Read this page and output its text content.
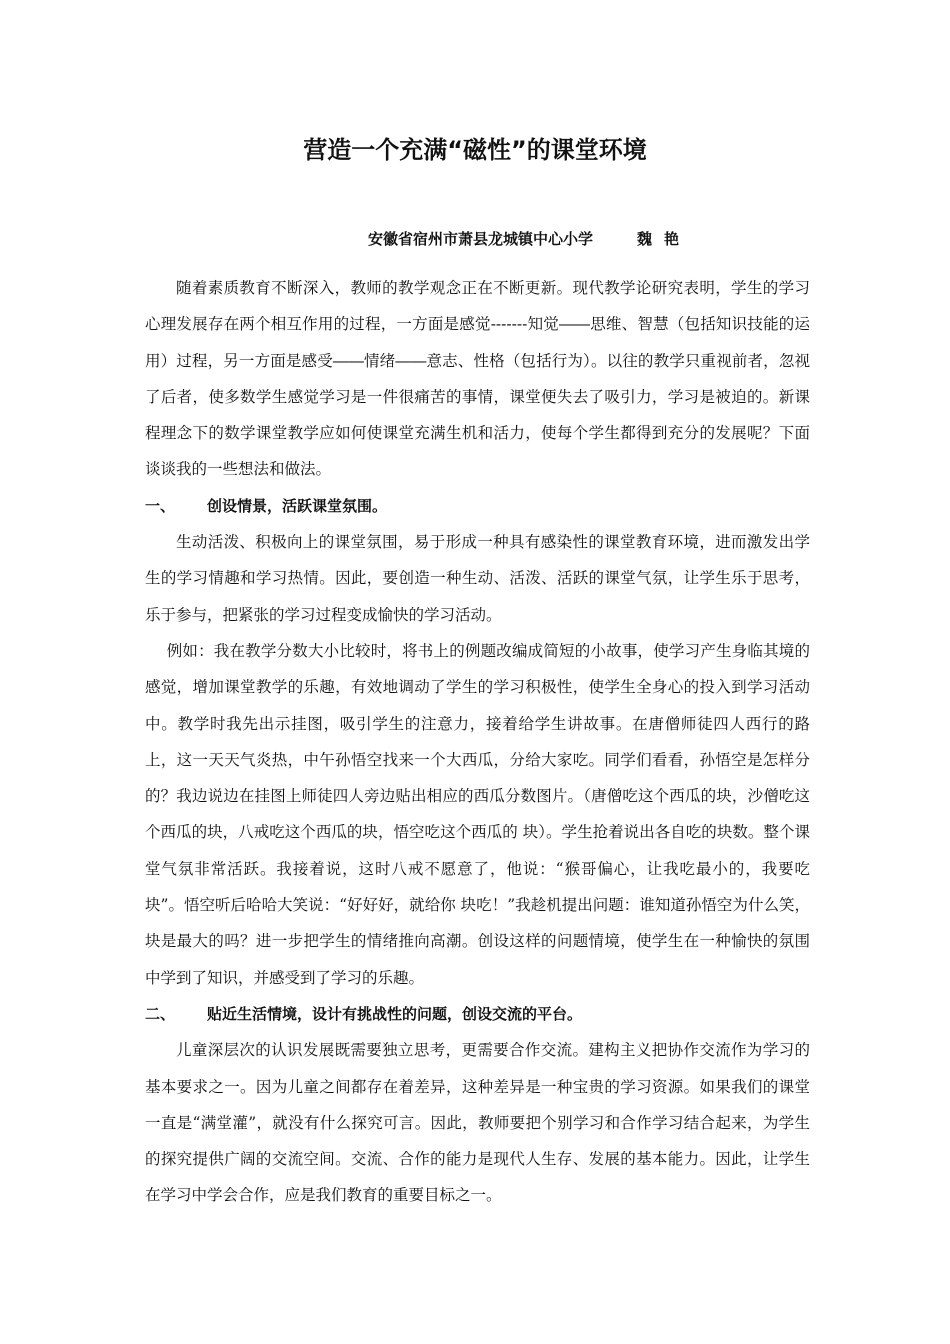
营造一个充满“磁性”的课堂环境
安徽省宿州市萧县龙城镇中心小学	魏艳

随着素质教育不断深入，教师的教学观念正在不断更新。现代教学论研究表明，学生的学习心理发展存在两个相互作用的过程，一方面是感觉-------知觉――思维、智慧（包括知识技能的运用）过程，另一方面是感受――情绪――意志、性格（包括行为）。以往的教学只重视前者，忽视了后者，使多数学生感觉学习是一件很痛苦的事情，课堂便失去了吸引力，学习是被迫的。新课程理念下的数学课堂教学应如何使课堂充满生机和活力，使每个学生都得到充分的发展呢？下面谈谈我的一些想法和做法。

一、 创设情景，活跃课堂氛围。

生动活泼、积极向上的课堂氛围，易于形成一种具有感染性的课堂教育环境，进而激发出学生的学习情趣和学习热情。因此，要创造一种生动、活泼、活跃的课堂气氛，让学生乐于思考，乐于参与，把紧张的学习过程变成愉快的学习活动。

例如：我在教学分数大小比较时，将书上的例题改编成简短的小故事，使学习产生身临其境的感觉，增加课堂教学的乐趣，有效地调动了学生的学习积极性，使学生全身心的投入到学习活动中。教学时我先出示挂图，吸引学生的注意力，接着给学生讲故事。在唐僧师徒四人西行的路上，这一天天气炎热，中午孙悟空找来一个大西瓜，分给大家吃。同学们看看，孙悟空是怎样分的？我边说边在挂图上师徒四人旁边贴出相应的西瓜分数图片。（唐僧吃这个西瓜的块，沙僧吃这个西瓜的块，八戒吃这个西瓜的块，悟空吃这个西瓜的 块）。学生抢着说出各自吃的块数。整个课堂气氛非常活跃。我接着说，这时八戒不愿意了，他说：“猴哥偏心，让我吃最小的，我要吃块”。悟空听后哈哈大笑说：“好好好，就给你 块吃！”我趁机提出问题：谁知道孙悟空为什么笑，块是最大的吗？进一步把学生的情绪推向高潮。创设这样的问题情境，使学生在一种愉快的氛围中学到了知识，并感受到了学习的乐趣。

二、 贴近生活情境，设计有挑战性的问题，创设交流的平台。

儿童深层次的认识发展既需要独立思考，更需要合作交流。建构主义把协作交流作为学习的基本要求之一。因为儿童之间都存在着差异，这种差异是一种宝贵的学习资源。如果我们的课堂一直是“满堂灌”，就没有什么探究可言。因此，教师要把个别学习和合作学习结合起来，为学生的探究提供广阔的交流空间。交流、合作的能力是现代人生存、发展的基本能力。因此，让学生在学习中学会合作，应是我们教育的重要目标之一。
